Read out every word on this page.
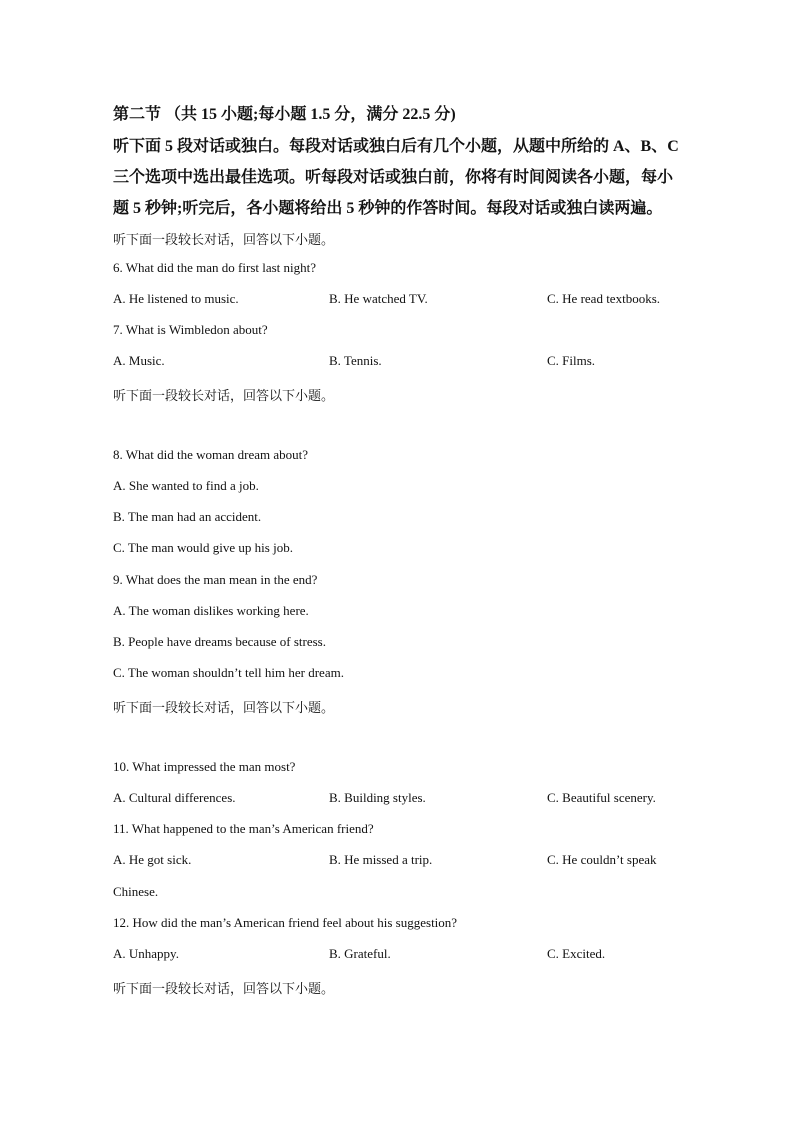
第二节 （共 15 小题;每小题 1.5 分，满分 22.5 分)
听下面 5 段对话或独白。每段对话或独白后有几个小题，从题中所给的 A、B、C
三个选项中选出最佳选项。听每段对话或独白前，你将有时间阅读各小题，每小
题 5 秒钟;听完后，各小题将给出 5 秒钟的作答时间。每段对话或独白读两遍。
听下面一段较长对话，回答以下小题。
6. What did the man do first last night?
A. He listened to music.	B. He watched TV.	C. He read textbooks.
7. What is Wimbledon about?
A. Music.	B. Tennis.	C. Films.
听下面一段较长对话，回答以下小题。
8. What did the woman dream about?
A. She wanted to find a job.
B. The man had an accident.
C. The man would give up his job.
9. What does the man mean in the end?
A. The woman dislikes working here.
B. People have dreams because of stress.
C. The woman shouldn’t tell him her dream.
听下面一段较长对话，回答以下小题。
10. What impressed the man most?
A. Cultural differences.	B. Building styles.	C. Beautiful scenery.
11. What happened to the man’s American friend?
A. He got sick.	B. He missed a trip.	C. He couldn’t speak
Chinese.
12. How did the man’s American friend feel about his suggestion?
A. Unhappy.	B. Grateful.	C. Excited.
听下面一段较长对话，回答以下小题。
